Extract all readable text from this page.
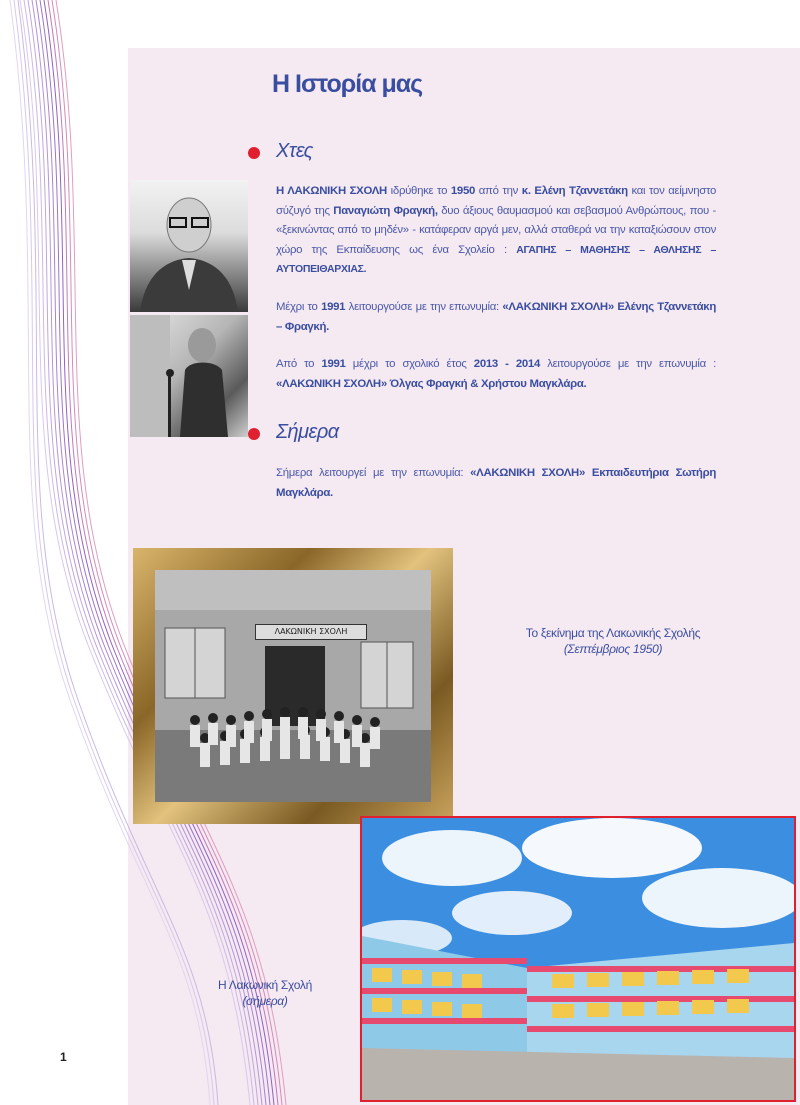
Η Ιστορία μας
Χτες
Η ΛΑΚΩΝΙΚΗ ΣΧΟΛΗ ιδρύθηκε το 1950 από την κ. Ελένη Τζαννετάκη και τον αείμνηστο σύζυγό της Παναγιώτη Φραγκή, δυο άξιους θαυμασμού και σεβασμού Ανθρώπους, που - «ξεκινώντας από το μηδέν» - κατάφεραν αργά μεν, αλλά σταθερά να την καταξιώσουν στον χώρο της Εκπαίδευσης ως ένα Σχολείο : ΑΓΑΠΗΣ – ΜΑΘΗΣΗΣ – ΑΘΛΗΣΗΣ – ΑΥΤΟΠΕΙΘΑΡΧΙΑΣ.
Μέχρι το 1991 λειτουργούσε με την επωνυμία: «ΛΑΚΩΝΙΚΗ ΣΧΟΛΗ» Ελένης Τζαννετάκη – Φραγκή.
Από το 1991 μέχρι το σχολικό έτος 2013 - 2014 λειτουργούσε με την επωνυμία : «ΛΑΚΩΝΙΚΗ ΣΧΟΛΗ» Όλγας Φραγκή & Χρήστου Μαγκλάρα.
Σήμερα
Σήμερα λειτουργεί με την επωνυμία: «ΛΑΚΩΝΙΚΗ ΣΧΟΛΗ» Εκπαιδευτήρια Σωτήρη Μαγκλάρα.
ΛΑΚΩΝΙΚΗ ΣΧΟΛΗ	Το ξεκίνημα της Λακωνικής Σχολής
(Σεπτέμβριος 1950)
Η Λακωνική Σχολή
(σήμερα)
1
